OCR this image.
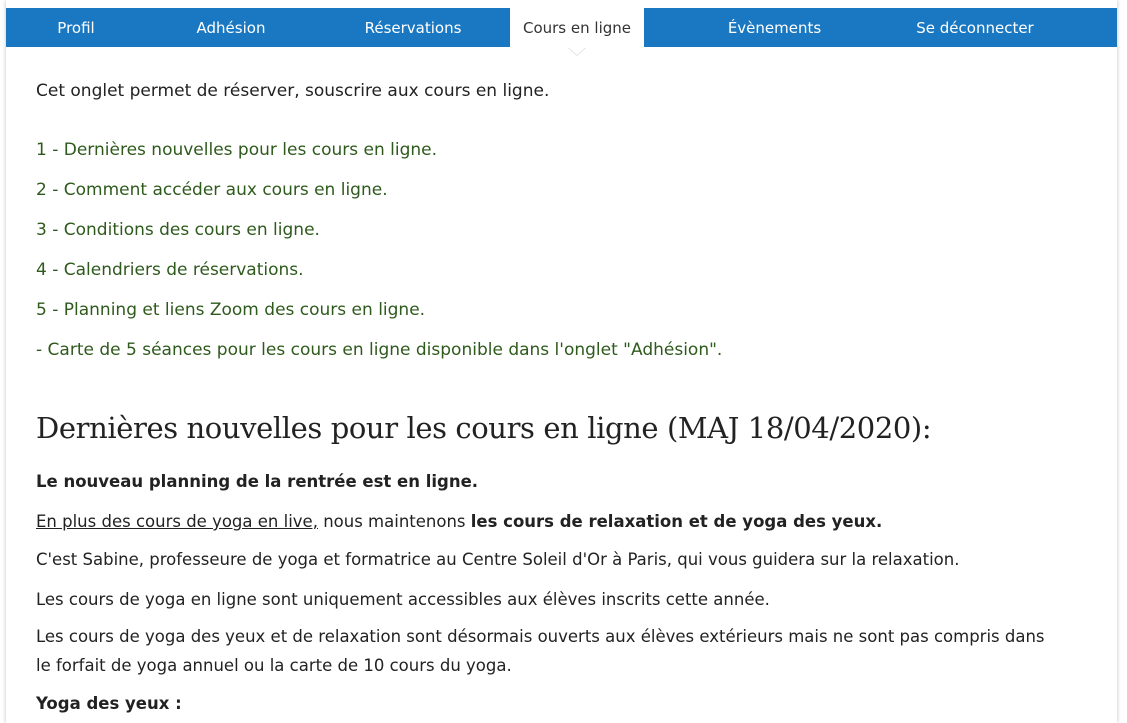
Profil	Adhésion	Réservations	Cours en ligne	Évènements	Se déconnecter

Cet onglet permet de réserver, souscrire aux cours en ligne.

1 - Dernières nouvelles pour les cours en ligne.
2 - Comment accéder aux cours en ligne.
3 - Conditions des cours en ligne.
4 - Calendriers de réservations.
5 - Planning et liens Zoom des cours en ligne.
- Carte de 5 séances pour les cours en ligne disponible dans l'onglet "Adhésion".
Dernières nouvelles pour les cours en ligne (MAJ 18/04/2020):

Le nouveau planning de la rentrée est en ligne.

En plus des cours de yoga en live, nous maintenons les cours de relaxation et de yoga des yeux.

C'est Sabine, professeure de yoga et formatrice au Centre Soleil d'Or à Paris, qui vous guidera sur la relaxation.

Les cours de yoga en ligne sont uniquement accessibles aux élèves inscrits cette année.

Les cours de yoga des yeux et de relaxation sont désormais ouverts aux élèves extérieurs mais ne sont pas compris dans
le forfait de yoga annuel ou la carte de 10 cours du yoga.

Yoga des yeux :
